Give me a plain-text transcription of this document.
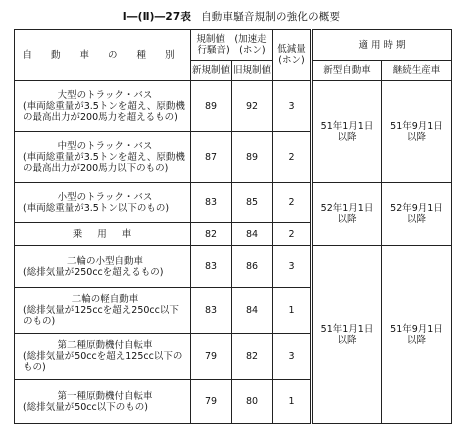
Ⅰ―(Ⅱ)―27表 自動車騒音規制の強化の概要
自 動 車 の 種 別	規制値　(加速走
行騒音)　(ホン)		低減量
(ホン)	適 用 時 期	
	新規制値	旧規制値		新型自動車	継続生産車

大型のトラック・バス
(車両総重量が3.5トンを超え、原動機の最高出力が200馬力を超えるもの)	89	92	3	51年1月1日以降	51年9月1日以降

中型のトラック・バス
(車両総重量が3.5トンを超え、原動機の最高出力が200馬力以下のもの)	87	89	2		

小型のトラック・バス
(車両総重量が3.5トン以下のもの)	83	85	2	52年1月1日以降	52年9月1日以降

乗 用 車	82	84	2		

二輪の小型自動車
(総排気量が250ccを超えるもの)	83	86	3	51年1月1日以降	51年9月1日以降

二輪の軽自動車
(総排気量が125ccを超え250cc以下のもの)	83	84	1		

第二種原動機付自転車
(総排気量が50ccを超え125cc以下のもの)	79	82	3		

第一種原動機付自転車
(総排気量が50cc以下のもの)	79	80	1		
